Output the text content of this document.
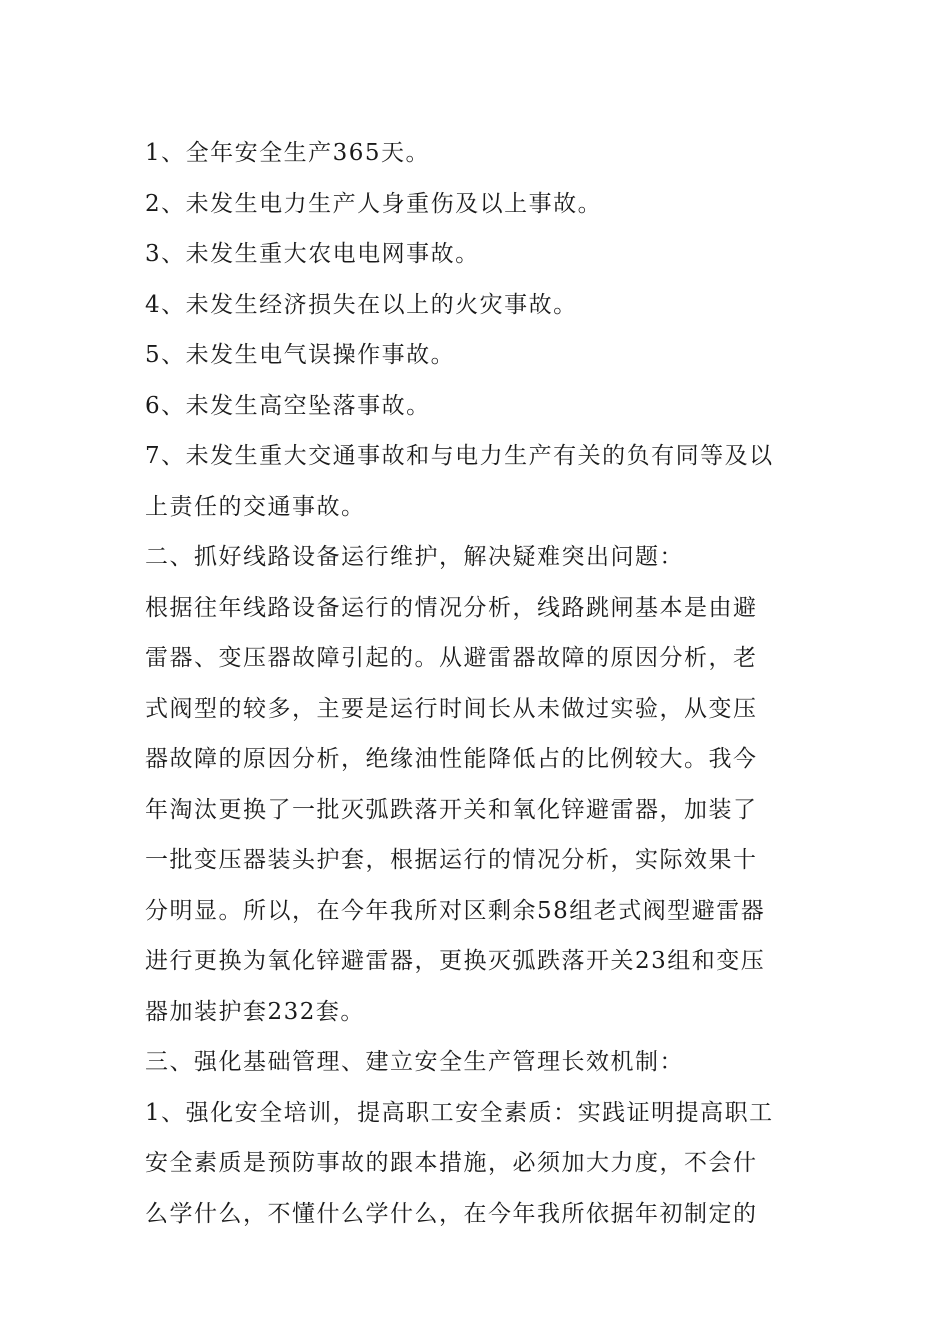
1、全年安全生产365天。
2、未发生电力生产人身重伤及以上事故。
3、未发生重大农电电网事故。
4、未发生经济损失在以上的火灾事故。
5、未发生电气误操作事故。
6、未发生高空坠落事故。
7、未发生重大交通事故和与电力生产有关的负有同等及以
上责任的交通事故。
二、抓好线路设备运行维护，解决疑难突出问题：
根据往年线路设备运行的情况分析，线路跳闸基本是由避
雷器、变压器故障引起的。从避雷器故障的原因分析，老
式阀型的较多，主要是运行时间长从未做过实验，从变压
器故障的原因分析，绝缘油性能降低占的比例较大。我今
年淘汰更换了一批灭弧跌落开关和氧化锌避雷器，加装了
一批变压器装头护套，根据运行的情况分析，实际效果十
分明显。所以，在今年我所对区剩余58组老式阀型避雷器
进行更换为氧化锌避雷器，更换灭弧跌落开关23组和变压
器加装护套232套。
三、强化基础管理、建立安全生产管理长效机制：
1、强化安全培训，提高职工安全素质：实践证明提高职工
安全素质是预防事故的跟本措施，必须加大力度，不会什
么学什么，不懂什么学什么，在今年我所依据年初制定的
